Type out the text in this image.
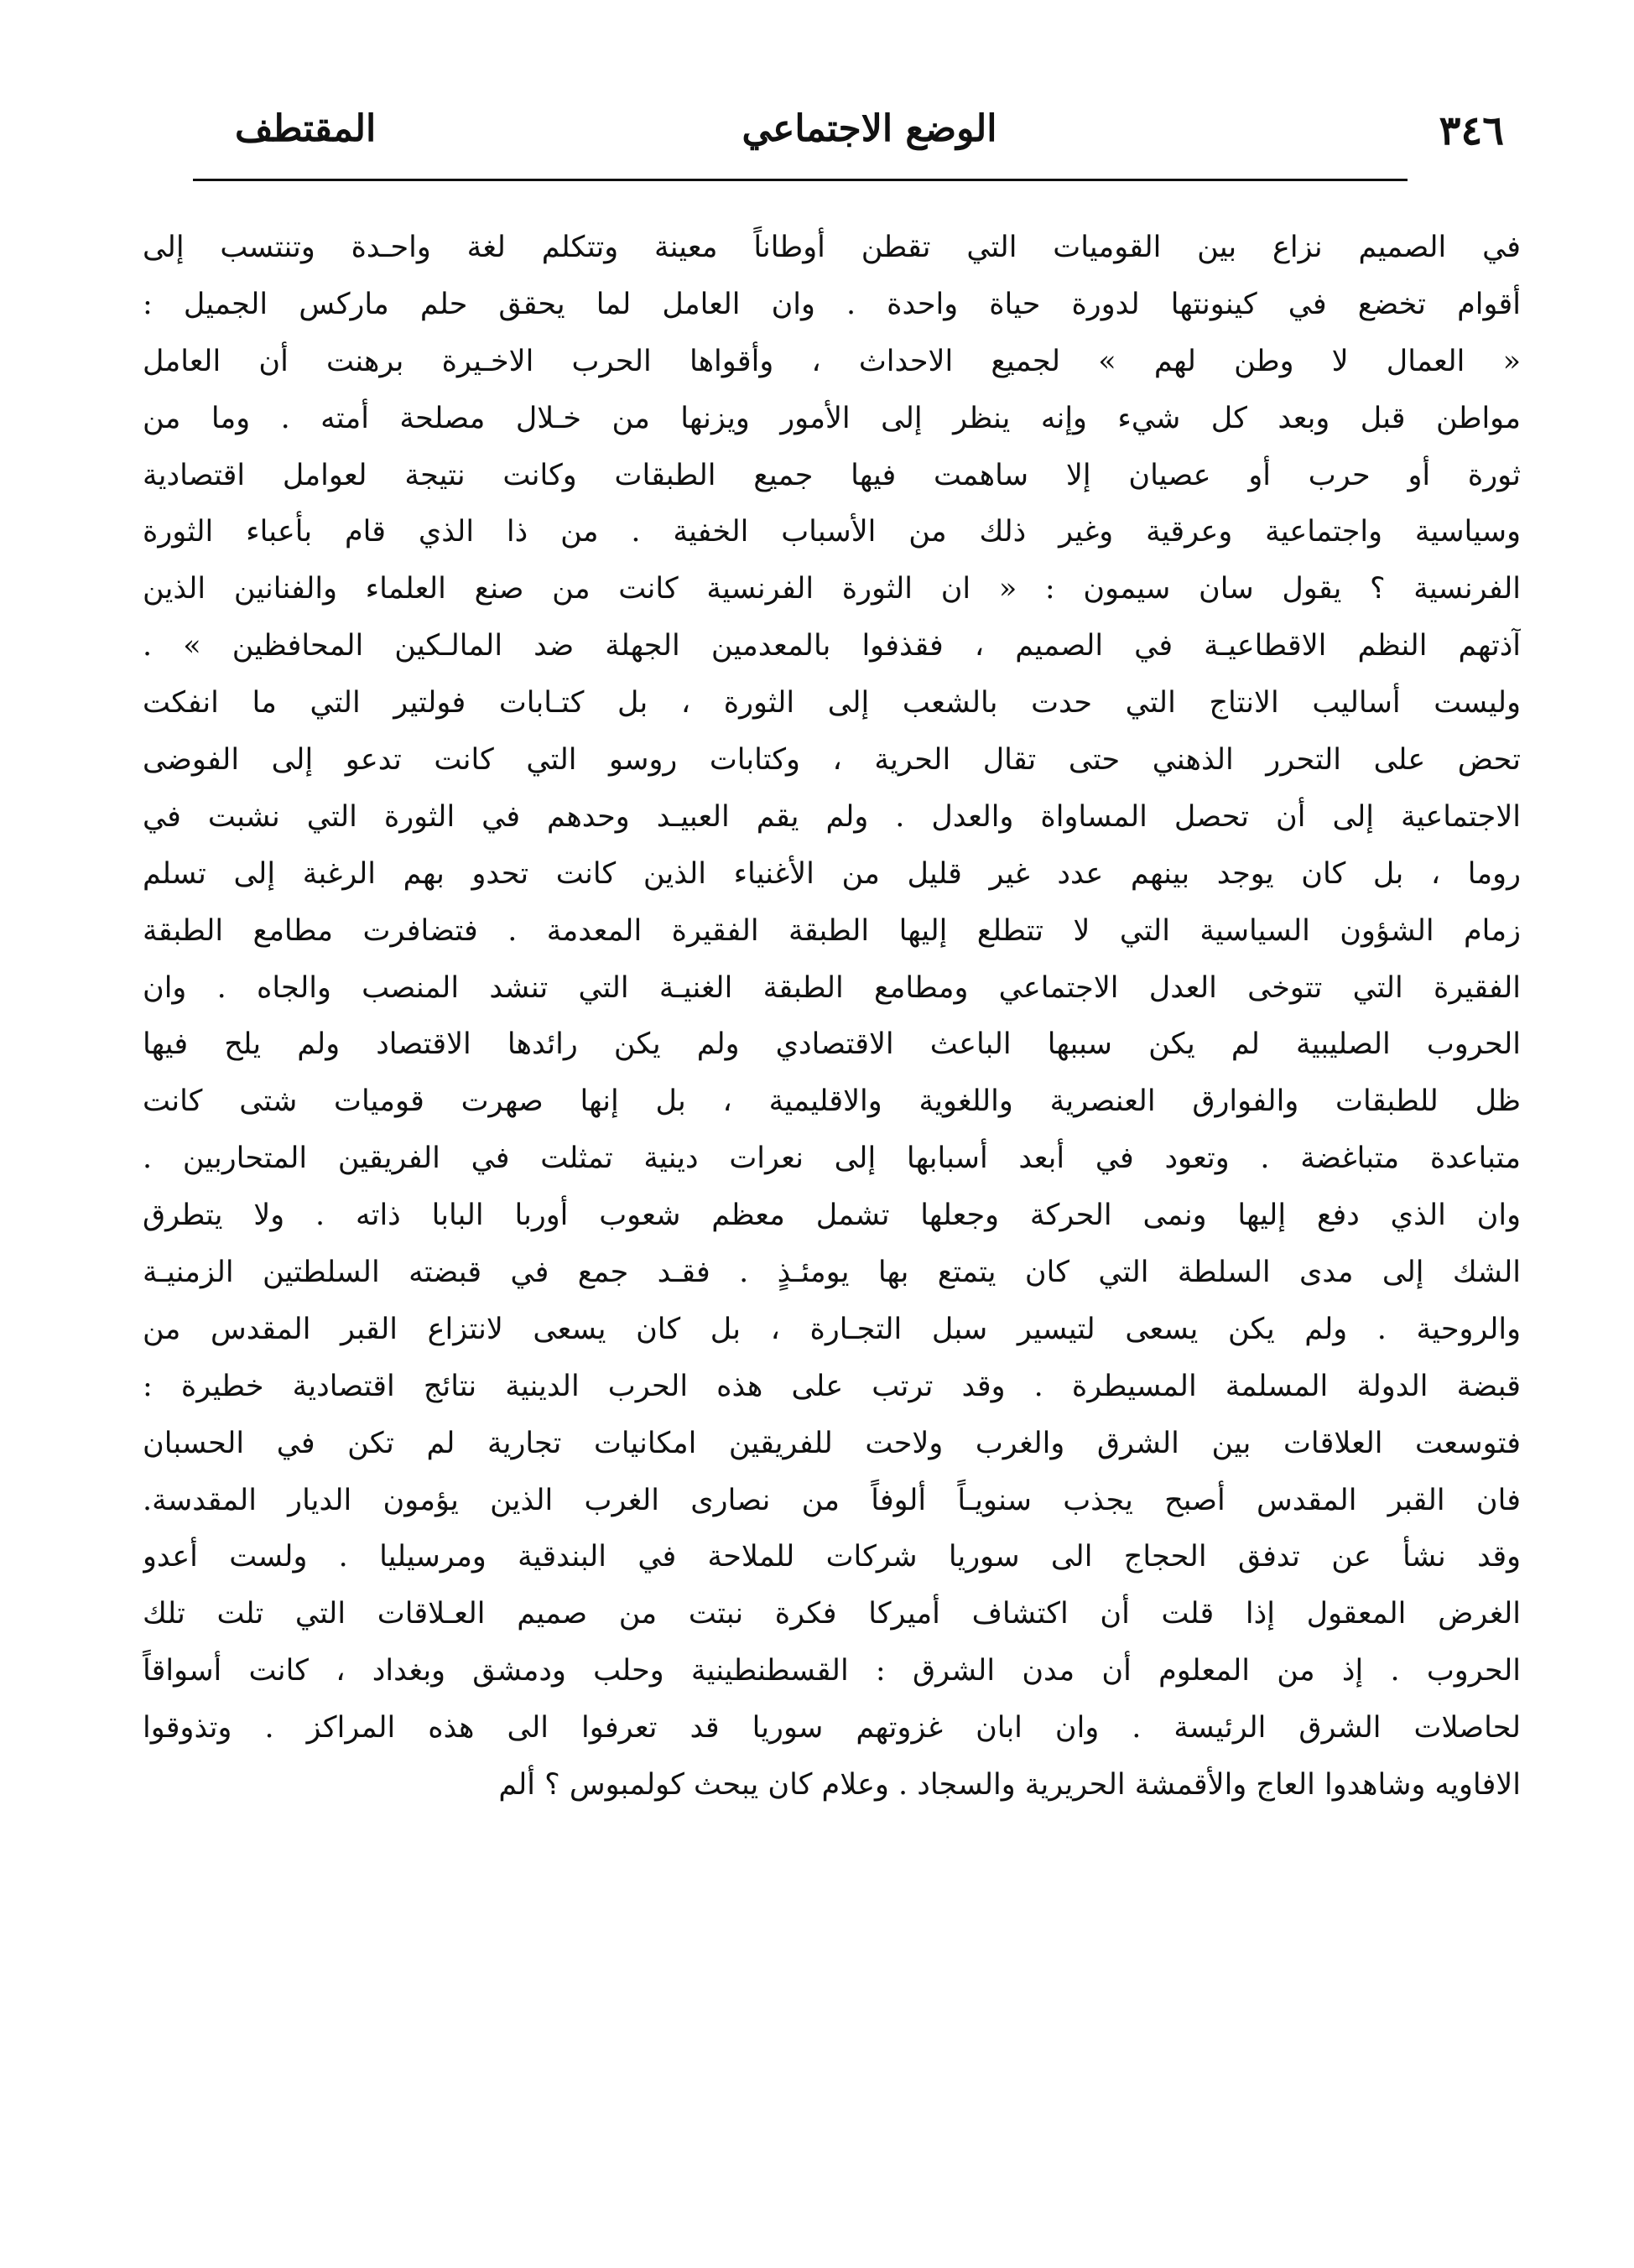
المقتطف	الوضع الاجتماعي	٣٤٦
في الصميم نزاع بين القوميات التي تقطن أوطاناً معينة وتتكلم لغة واحـدة وتنتسب إلى
أقوام تخضع في كينونتها لدورة حياة واحدة . وان العامل لما يحقق حلم ماركس الجميل :
« العمال لا وطن لهم » لجميع الاحداث ، وأقواها الحرب الاخـيرة برهنت أن العامل
مواطن قبل وبعد كل شيء وإنه ينظر إلى الأمور ويزنها من خـلال مصلحة أمته . وما من
ثورة أو حرب أو عصيان إلا ساهمت فيها جميع الطبقات وكانت نتيجة لعوامل اقتصادية
وسياسية واجتماعية وعرقية وغير ذلك من الأسباب الخفية . من ذا الذي قام بأعباء الثورة
الفرنسية ؟ يقول سان سيمون : « ان الثورة الفرنسية كانت من صنع العلماء والفنانين الذين
آذتهم النظم الاقطاعيـة في الصميم ، فقذفوا بالمعدمين الجهلة ضد المالـكين المحافظين » .
وليست أساليب الانتاج التي حدت بالشعب إلى الثورة ، بل كتـابات فولتير التي ما انفكت
تحض على التحرر الذهني حتى تقال الحرية ، وكتابات روسو التي كانت تدعو إلى الفوضى
الاجتماعية إلى أن تحصل المساواة والعدل . ولم يقم العبيـد وحدهم في الثورة التي نشبت في
روما ، بل كان يوجد بينهم عدد غير قليل من الأغنياء الذين كانت تحدو بهم الرغبة إلى تسلم
زمام الشؤون السياسية التي لا تتطلع إليها الطبقة الفقيرة المعدمة . فتضافرت مطامع الطبقة
الفقيرة التي تتوخى العدل الاجتماعي ومطامع الطبقة الغنيـة التي تنشد المنصب والجاه . وان
الحروب الصليبية لم يكن سببها الباعث الاقتصادي ولم يكن رائدها الاقتصاد ولم يلح فيها
ظل للطبقات والفوارق العنصرية واللغوية والاقليمية ، بل إنها صهرت قوميات شتى كانت
متباعدة متباغضة . وتعود في أبعد أسبابها إلى نعرات دينية تمثلت في الفريقين المتحاربين .
وان الذي دفع إليها ونمى الحركة وجعلها تشمل معظم شعوب أوربا البابا ذاته . ولا يتطرق
الشك إلى مدى السلطة التي كان يتمتع بها يومئـذٍ . فقـد جمع في قبضته السلطتين الزمنيـة
والروحية . ولم يكن يسعى لتيسير سبل التجـارة ، بل كان يسعى لانتزاع القبر المقدس من
قبضة الدولة المسلمة المسيطرة . وقد ترتب على هذه الحرب الدينية نتائج اقتصادية خطيرة :
فتوسعت العلاقات بين الشرق والغرب ولاحت للفريقين امكانيات تجارية لم تكن في الحسبان
فان القبر المقدس أصبح يجذب سنويـاً ألوفاً من نصارى الغرب الذين يؤمون الديار المقدسة.
وقد نشأ عن تدفق الحجاج الى سوريا شركات للملاحة في البندقية ومرسيليا . ولست أعدو
الغرض المعقول إذا قلت أن اكتشاف أميركا فكرة نبتت من صميم العـلاقات التي تلت تلك
الحروب . إذ من المعلوم أن مدن الشرق : القسطنطينية وحلب ودمشق وبغداد ، كانت أسواقاً
لحاصلات الشرق الرئيسة . وان ابان غزوتهم سوريا قد تعرفوا الى هذه المراكز . وتذوقوا
الافاويه وشاهدوا العاج والأقمشة الحريرية والسجاد . وعلام كان يبحث كولمبوس ؟ ألم
